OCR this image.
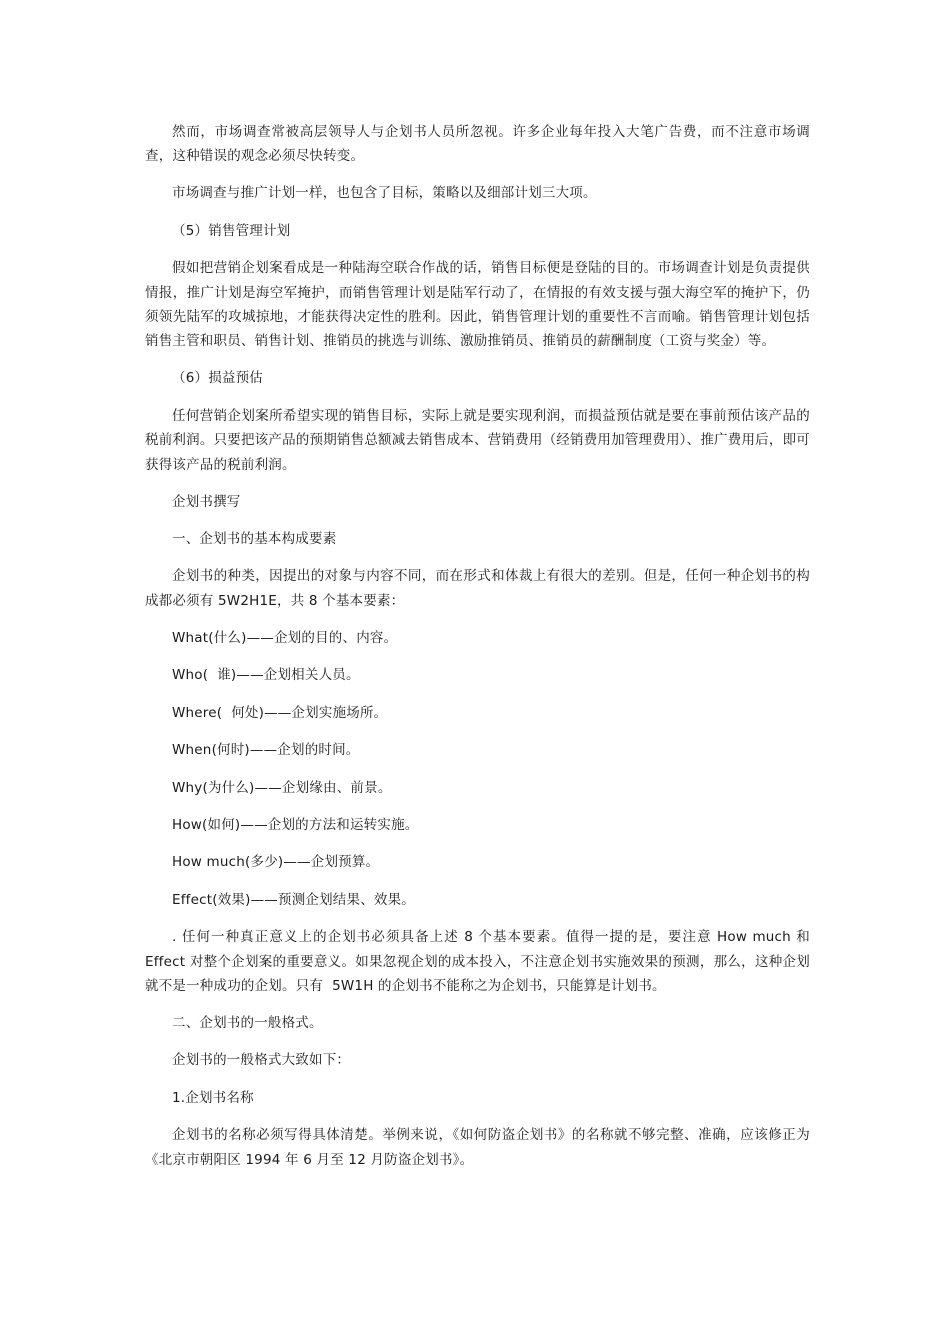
然而，市场调查常被高层领导人与企划书人员所忽视。许多企业每年投入大笔广告费，而不注意市场调查，这种错误的观念必须尽快转变。

市场调查与推广计划一样，也包含了目标，策略以及细部计划三大项。

（5）销售管理计划

假如把营销企划案看成是一种陆海空联合作战的话，销售目标便是登陆的目的。市场调查计划是负责提供情报，推广计划是海空军掩护，而销售管理计划是陆军行动了，在情报的有效支援与强大海空军的掩护下，仍须领先陆军的攻城掠地，才能获得决定性的胜利。因此，销售管理计划的重要性不言而喻。销售管理计划包括销售主管和职员、销售计划、推销员的挑选与训练、激励推销员、推销员的薪酬制度（工资与奖金）等。

（6）损益预估

任何营销企划案所希望实现的销售目标，实际上就是要实现利润，而损益预估就是要在事前预估该产品的税前利润。只要把该产品的预期销售总额减去销售成本、营销费用（经销费用加管理费用）、推广费用后，即可获得该产品的税前利润。

企划书撰写

一、企划书的基本构成要素

企划书的种类，因提出的对象与内容不同，而在形式和体裁上有很大的差别。但是，任何一种企划书的构成都必须有 5W2H1E，共 8 个基本要素：

What(什么)——企划的目的、内容。

Who(  谁)——企划相关人员。

Where(  何处)——企划实施场所。

When(何时)——企划的时间。

Why(为什么)——企划缘由、前景。

How(如何)——企划的方法和运转实施。

How much(多少)——企划预算。

Effect(效果)——预测企划结果、效果。

. 任何一种真正意义上的企划书必须具备上述 8 个基本要素。值得一提的是，要注意 How much 和Effect 对整个企划案的重要意义。如果忽视企划的成本投入，不注意企划书实施效果的预测，那么，这种企划就不是一种成功的企划。只有  5W1H 的企划书不能称之为企划书，只能算是计划书。

二、企划书的一般格式。

企划书的一般格式大致如下：

1.企划书名称

企划书的名称必须写得具体清楚。举例来说，《如何防盗企划书》的名称就不够完整、准确，应该修正为《北京市朝阳区 1994 年 6 月至 12 月防盗企划书》。
